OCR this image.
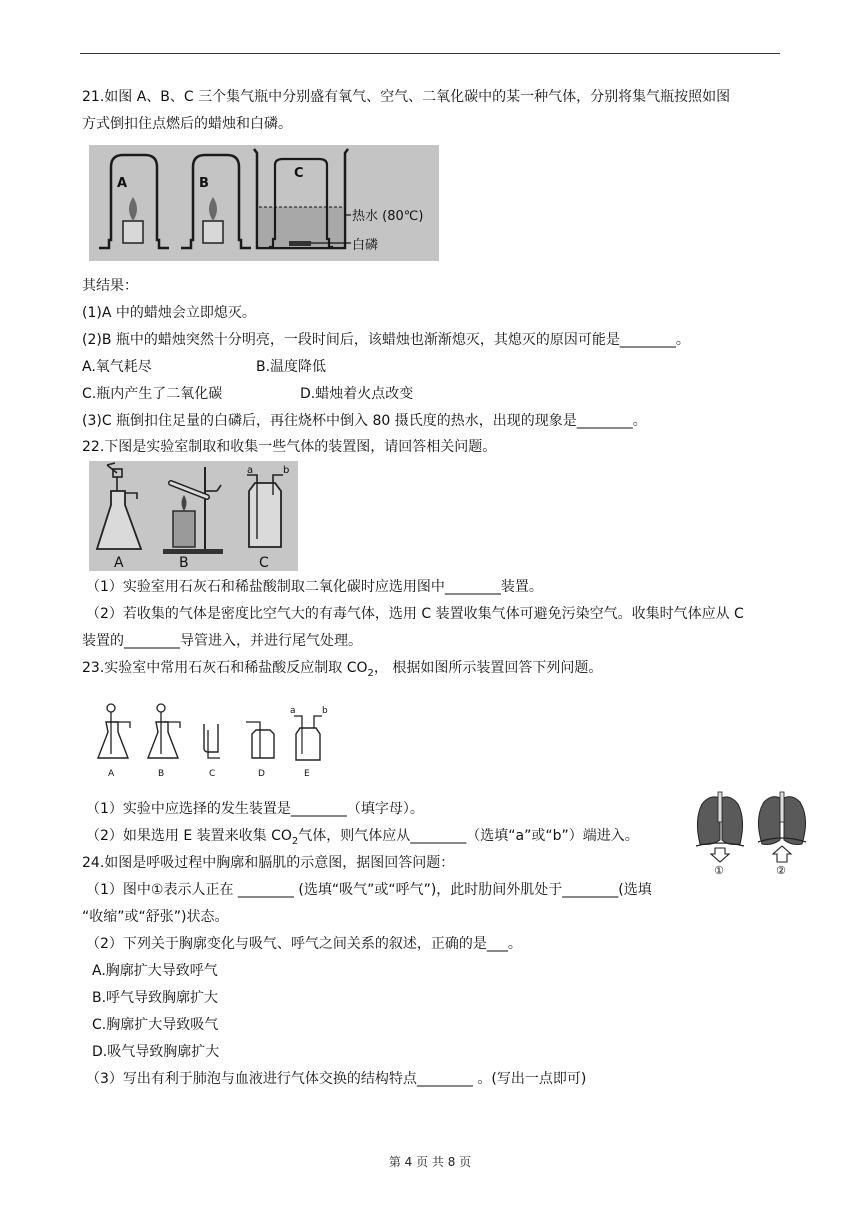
21.如图 A、B、C 三个集气瓶中分别盛有氧气、空气、二氧化碳中的某一种气体，分别将集气瓶按照如图
方式倒扣住点燃后的蜡烛和白磷。
A	B
C
热水 (80℃)
白磷
其结果：
(1)A 中的蜡烛会立即熄灭。
(2)B 瓶中的蜡烛突然十分明亮，一段时间后，该蜡烛也渐渐熄灭，其熄灭的原因可能是________。
A.氧气耗尽	B.温度降低
C.瓶内产生了二氧化碳	D.蜡烛着火点改变
(3)C 瓶倒扣住足量的白磷后，再往烧杯中倒入 80 摄氏度的热水，出现的现象是________。
22.下图是实验室制取和收集一些气体的装置图，请回答相关问题。
a	b
A	B	C
（1）实验室用石灰石和稀盐酸制取二氧化碳时应选用图中________装置。
（2）若收集的气体是密度比空气大的有毒气体，选用 C 装置收集气体可避免污染空气。收集时气体应从 C
装置的________导管进入，并进行尾气处理。
23.实验室中常用石灰石和稀盐酸反应制取 $CO_2$， 根据如图所示装置回答下列问题。
a	b
A	B	C	D	E
（1）实验中应选择的发生装置是________（填字母）。
（2）如果选用 E 装置来收集 $CO_2$气体，则气体应从________（选填“a”或“b”）端进入。
①	②
24.如图是呼吸过程中胸廓和膈肌的示意图，据图回答问题：
（1）图中①表示人正在 ________ (选填“吸气”或“呼气”)，此时肋间外肌处于________(选填
“收缩”或“舒张”)状态。
（2）下列关于胸廓变化与吸气、呼气之间关系的叙述，正确的是___。
A.胸廓扩大导致呼气
B.呼气导致胸廓扩大
C.胸廓扩大导致吸气
D.吸气导致胸廓扩大
（3）写出有利于肺泡与血液进行气体交换的结构特点________ 。(写出一点即可)
第 4 页 共 8 页
